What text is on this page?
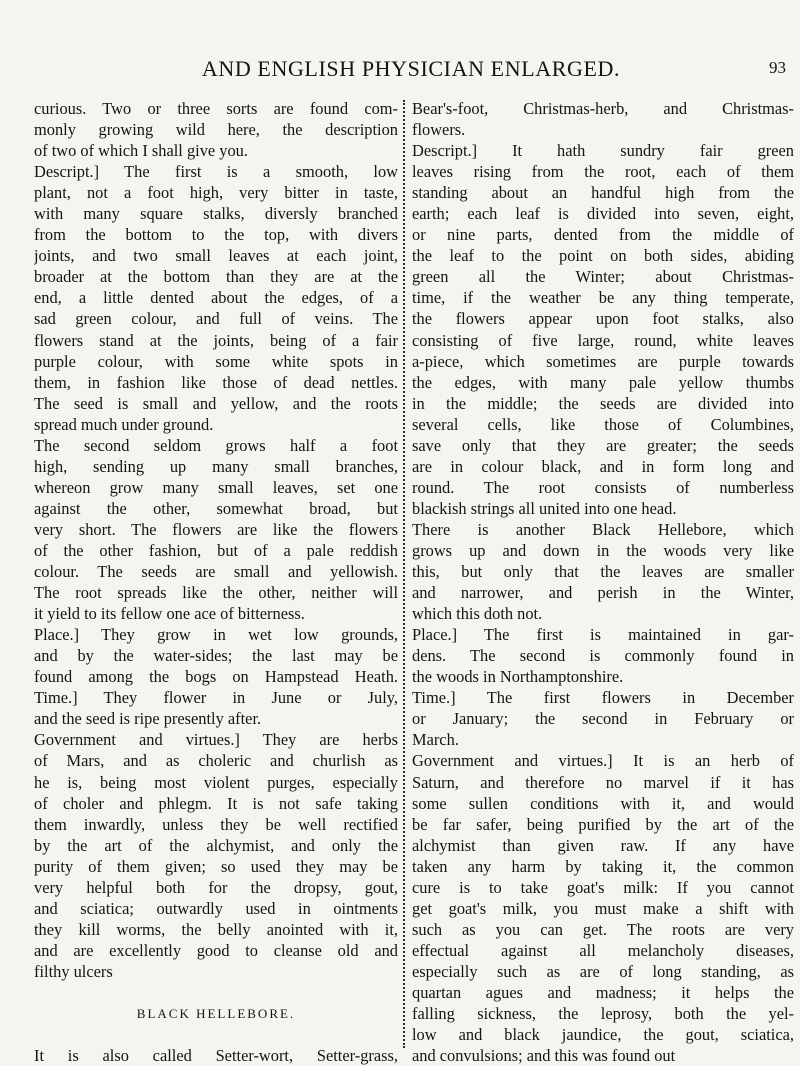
AND ENGLISH PHYSICIAN ENLARGED.	93
curious. Two or three sorts are found com-
monly growing wild here, the description
of two of which I shall give you.
Descript.] The first is a smooth, low
plant, not a foot high, very bitter in taste,
with many square stalks, diversly branched
from the bottom to the top, with divers
joints, and two small leaves at each joint,
broader at the bottom than they are at the
end, a little dented about the edges, of a
sad green colour, and full of veins. The
flowers stand at the joints, being of a fair
purple colour, with some white spots in
them, in fashion like those of dead nettles.
The seed is small and yellow, and the roots
spread much under ground.
The second seldom grows half a foot
high, sending up many small branches,
whereon grow many small leaves, set one
against the other, somewhat broad, but
very short. The flowers are like the flowers
of the other fashion, but of a pale reddish
colour. The seeds are small and yellowish.
The root spreads like the other, neither will
it yield to its fellow one ace of bitterness.
Place.] They grow in wet low grounds,
and by the water-sides; the last may be
found among the bogs on Hampstead Heath.
Time.] They flower in June or July,
and the seed is ripe presently after.
Government and virtues.] They are herbs
of Mars, and as choleric and churlish as
he is, being most violent purges, especially
of choler and phlegm. It is not safe taking
them inwardly, unless they be well rectified
by the art of the alchymist, and only the
purity of them given; so used they may be
very helpful both for the dropsy, gout,
and sciatica; outwardly used in ointments
they kill worms, the belly anointed with it,
and are excellently good to cleanse old and
filthy ulcers
BLACK HELLEBORE.
It is also called Setter-wort, Setter-grass,
Bear's-foot, Christmas-herb, and Christmas-
flowers.
Descript.] It hath sundry fair green
leaves rising from the root, each of them
standing about an handful high from the
earth; each leaf is divided into seven, eight,
or nine parts, dented from the middle of
the leaf to the point on both sides, abiding
green all the Winter; about Christmas-
time, if the weather be any thing temperate,
the flowers appear upon foot stalks, also
consisting of five large, round, white leaves
a-piece, which sometimes are purple towards
the edges, with many pale yellow thumbs
in the middle; the seeds are divided into
several cells, like those of Columbines,
save only that they are greater; the seeds
are in colour black, and in form long and
round. The root consists of numberless
blackish strings all united into one head.
There is another Black Hellebore, which
grows up and down in the woods very like
this, but only that the leaves are smaller
and narrower, and perish in the Winter,
which this doth not.
Place.] The first is maintained in gar-
dens. The second is commonly found in
the woods in Northamptonshire.
Time.] The first flowers in December
or January; the second in February or
March.
Government and virtues.] It is an herb of
Saturn, and therefore no marvel if it has
some sullen conditions with it, and would
be far safer, being purified by the art of the
alchymist than given raw. If any have
taken any harm by taking it, the common
cure is to take goat's milk: If you cannot
get goat's milk, you must make a shift with
such as you can get. The roots are very
effectual against all melancholy diseases,
especially such as are of long standing, as
quartan agues and madness; it helps the
falling sickness, the leprosy, both the yel-
low and black jaundice, the gout, sciatica,
and convulsions; and this was found out
